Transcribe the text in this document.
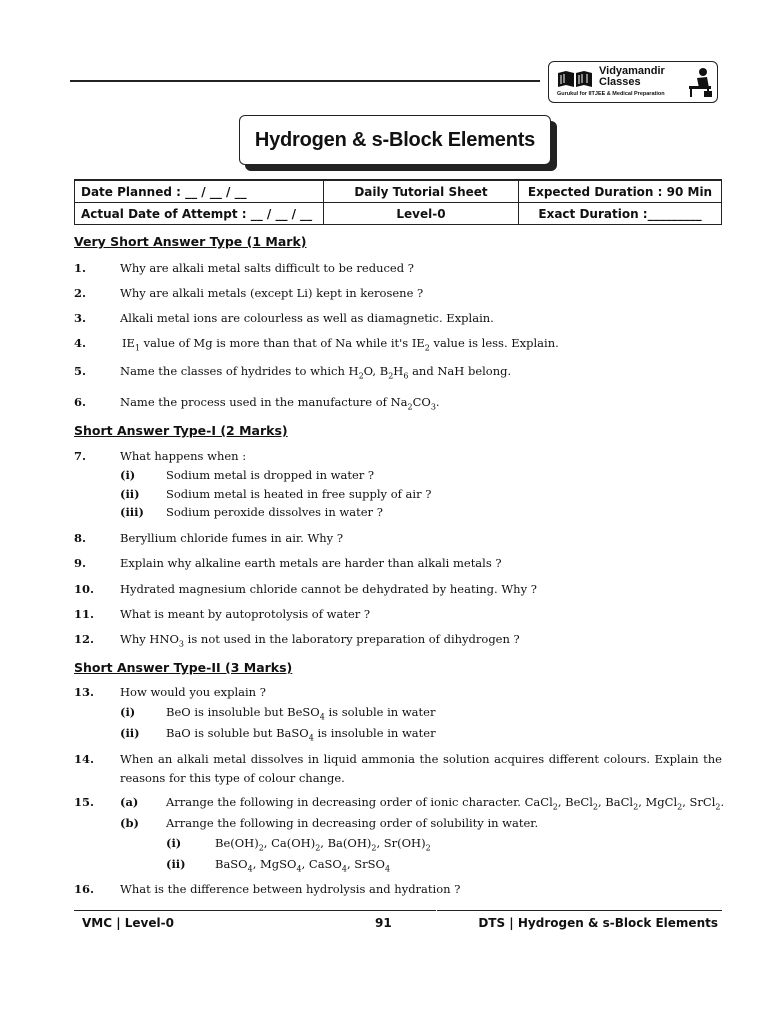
Vidyamandir
Classes
Gurukul for IITJEE & Medical Preparation
Hydrogen & s-Block Elements
Date Planned : __ / __ / __	Daily Tutorial Sheet	Expected Duration : 90 Min
Actual Date of Attempt : __ / __ / __	Level-0	Exact Duration :_________
Very Short Answer Type (1 Mark)
1.	Why are alkali metal salts difficult to be reduced ?
2.	Why are alkali metals (except Li) kept in kerosene ?
3.	Alkali metal ions are colourless as well as diamagnetic. Explain.
4.	$IE_1$ value of Mg is more than that of Na while it's $IE_2$ value is less. Explain.
5.	Name the classes of hydrides to which $H_2O$, $B_2H_6$ and NaH belong.
6.	Name the process used in the manufacture of $Na_2CO_3$.
Short Answer Type-I (2 Marks)
7.	What happens when :
(i)	Sodium metal is dropped in water ?
(ii) Sodium metal is heated in free supply of air ?
(iii) Sodium peroxide dissolves in water ?
8.	Beryllium chloride fumes in air. Why ?
9.	Explain why alkaline earth metals are harder than alkali metals ?
10. Hydrated magnesium chloride cannot be dehydrated by heating. Why ?
11. What is meant by autoprotolysis of water ?
12. Why $HNO_3$ is not used in the laboratory preparation of dihydrogen ?
Short Answer Type-II (3 Marks)
13. How would you explain ?
(i)	BeO is insoluble but BeSO$_4$ is soluble in water
(ii) BaO is soluble but BaSO$_4$ is insoluble in water
14. When an alkali metal dissolves in liquid ammonia the solution acquires different colours. Explain the reasons for this type of colour change.
15. (a) Arrange the following in decreasing order of ionic character. CaCl$_2$, BeCl$_2$, BaCl$_2$, MgCl$_2$, SrCl$_2$.
(b) Arrange the following in decreasing order of solubility in water.
(i)	$Be(OH)_2$, $Ca(OH)_2$, $Ba(OH)_2$, $Sr(OH)_2$
(ii)	BaSO$_4$, MgSO$_4$, CaSO$_4$, SrSO$_4$
16. What is the difference between hydrolysis and hydration ?
VMC | Level-0	91	DTS | Hydrogen & s-Block Elements
